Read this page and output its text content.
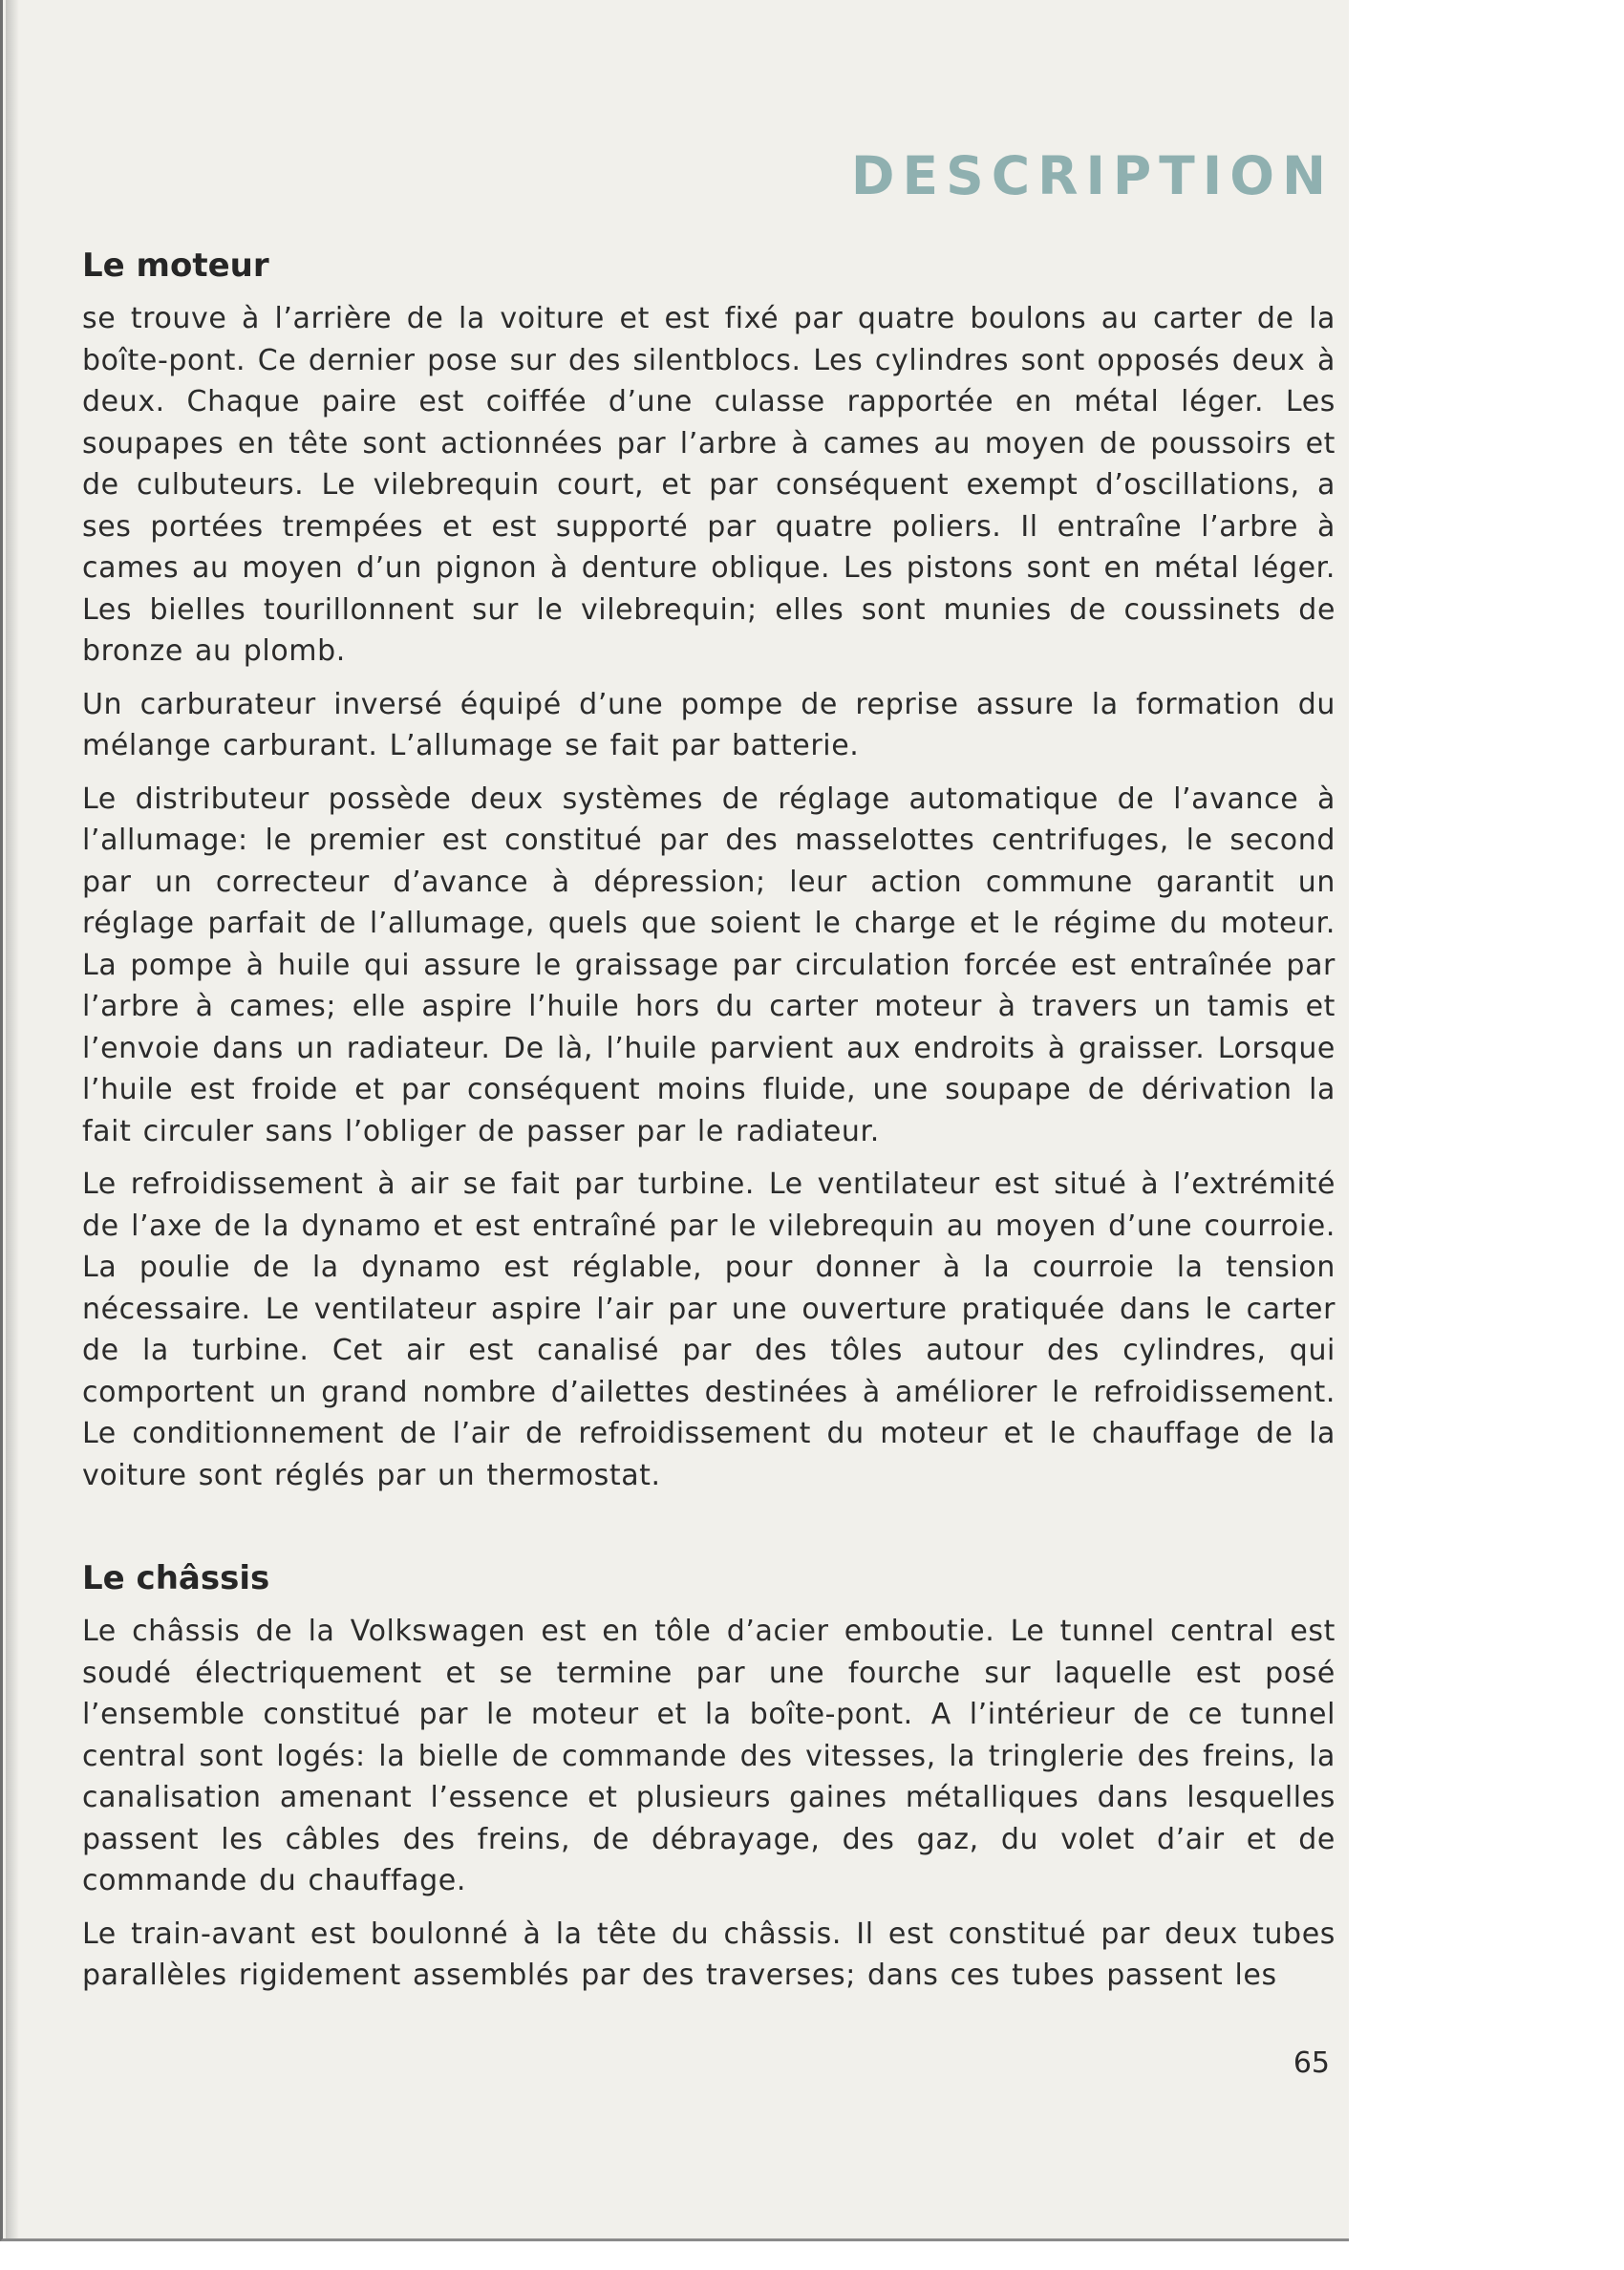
DESCRIPTION
Le moteur

se trouve à l’arrière de la voiture et est fixé par quatre boulons au carter de la boîte-pont. Ce dernier pose sur des silentblocs. Les cylindres sont opposés deux à deux. Chaque paire est coiffée d’une culasse rapportée en métal léger. Les soupapes en tête sont actionnées par l’arbre à cames au moyen de poussoirs et de culbuteurs. Le vilebrequin court, et par conséquent exempt d’oscillations, a ses portées trempées et est supporté par quatre poliers. Il entraîne l’arbre à cames au moyen d’un pignon à denture oblique. Les pistons sont en métal léger. Les bielles tourillonnent sur le vilebrequin; elles sont munies de coussinets de bronze au plomb.

Un carburateur inversé équipé d’une pompe de reprise assure la formation du mélange carburant. L’allumage se fait par batterie.

Le distributeur possède deux systèmes de réglage automatique de l’avance à l’allumage: le premier est constitué par des masselottes centrifuges, le second par un correcteur d’avance à dépression; leur action commune garantit un réglage parfait de l’allumage, quels que soient le charge et le régime du moteur. La pompe à huile qui assure le graissage par circulation forcée est entraînée par l’arbre à cames; elle aspire l’huile hors du carter moteur à travers un tamis et l’envoie dans un radiateur. De là, l’huile parvient aux endroits à graisser. Lorsque l’huile est froide et par conséquent moins fluide, une soupape de dérivation la fait circuler sans l’obliger de passer par le radiateur.

Le refroidissement à air se fait par turbine. Le ventilateur est situé à l’extrémité de l’axe de la dynamo et est entraîné par le vilebrequin au moyen d’une courroie. La poulie de la dynamo est réglable, pour donner à la courroie la tension nécessaire. Le ventilateur aspire l’air par une ouverture pratiquée dans le carter de la turbine. Cet air est canalisé par des tôles autour des cylindres, qui comportent un grand nombre d’ailettes destinées à améliorer le refroidissement. Le conditionnement de l’air de refroidissement du moteur et le chauffage de la voiture sont réglés par un thermostat.

Le châssis

Le châssis de la Volkswagen est en tôle d’acier emboutie. Le tunnel central est soudé électriquement et se termine par une fourche sur laquelle est posé l’ensemble constitué par le moteur et la boîte-pont. A l’intérieur de ce tunnel central sont logés: la bielle de commande des vitesses, la tringlerie des freins, la canalisation amenant l’essence et plusieurs gaines métalliques dans lesquelles passent les câbles des freins, de débrayage, des gaz, du volet d’air et de commande du chauffage.

Le train-avant est boulonné à la tête du châssis. Il est constitué par deux tubes parallèles rigidement assemblés par des traverses; dans ces tubes passent les

65
